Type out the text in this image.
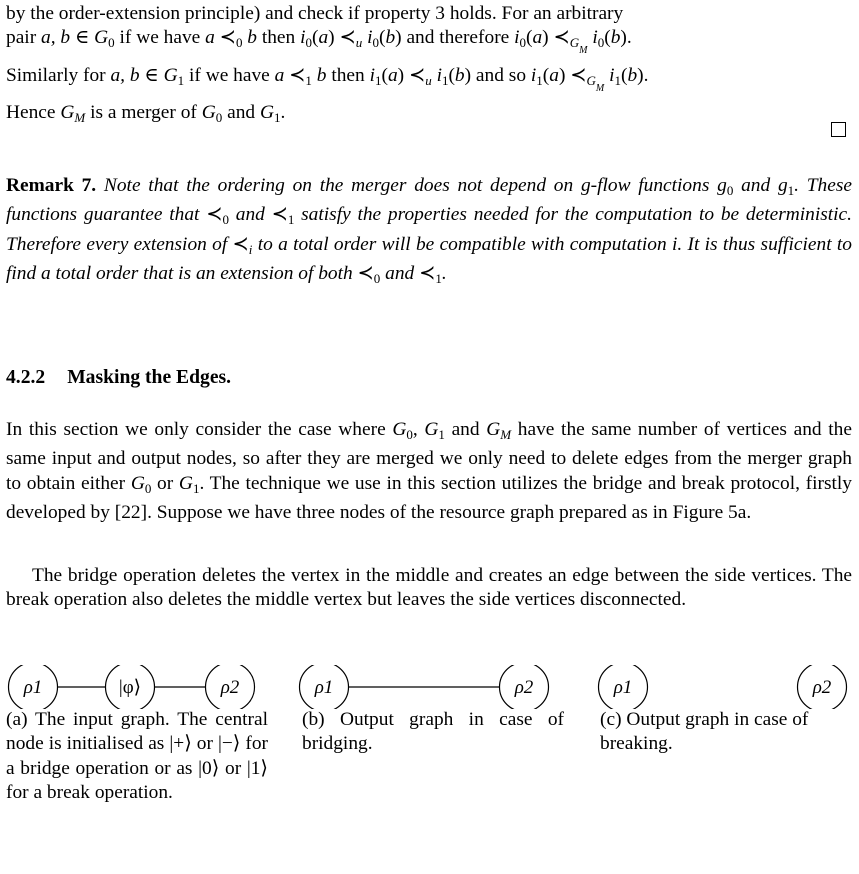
by the order-extension principle) and check if property 3 holds. For an arbitrary
pair a, b ∈ $G_0$ if we have a $≺_0$ b then $i_0(a)$ $≺_u$ $i_0(b)$ and therefore $i_0(a)$ $≺_{G_M}$ $i_0(b)$.
Similarly for a, b ∈ $G_1$ if we have a $≺_1$ b then $i_1(a)$ $≺_u$ $i_1(b)$ and so $i_1(a)$ $≺_{G_M}$ $i_1(b)$.
Hence $G_M$ is a merger of $G_0$ and $G_1$.
Remark 7. Note that the ordering on the merger does not depend on g-flow functions $g_0$ and $g_1$. These functions guarantee that $≺_0$ and $≺_1$ satisfy the properties needed for the computation to be deterministic. Therefore every extension of $≺_i$ to a total order will be compatible with computation i. It is thus sufficient to find a total order that is an extension of both $≺_0$ and $≺_1$.
4.2.2 Masking the Edges.
In this section we only consider the case where $G_0$, $G_1$ and $G_M$ have the same number of vertices and the same input and output nodes, so after they are merged we only need to delete edges from the merger graph to obtain either $G_0$ or $G_1$. The technique we use in this section utilizes the bridge and break protocol, firstly developed by [22]. Suppose we have three nodes of the resource graph prepared as in Figure 5a.
The bridge operation deletes the vertex in the middle and creates an edge between the side vertices. The break operation also deletes the middle vertex but leaves the side vertices disconnected.
ρ1	|φ⟩	ρ2	ρ1	ρ2	ρ1	ρ2
(a) The input graph. The central node is initialised as |+⟩ or |−⟩ for a bridge operation or as |0⟩ or |1⟩ for a break operation.
(b) Output graph in case of bridging.
(c) Output graph in case of breaking.
